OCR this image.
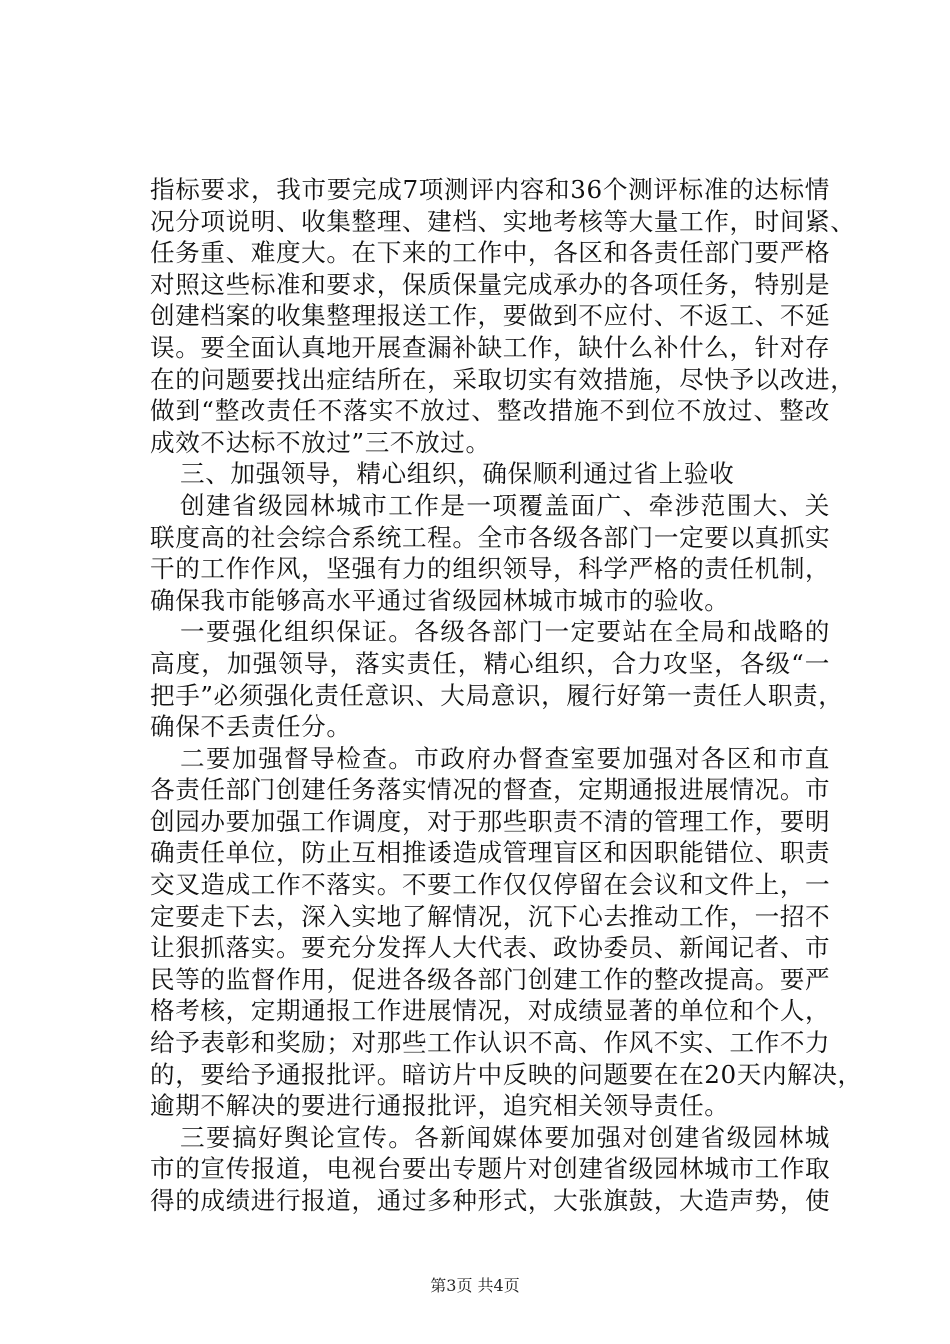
指标要求，我市要完成7项测评内容和36个测评标准的达标情
况分项说明、收集整理、建档、实地考核等大量工作，时间紧、
任务重、难度大。在下来的工作中，各区和各责任部门要严格
对照这些标准和要求，保质保量完成承办的各项任务，特别是
创建档案的收集整理报送工作，要做到不应付、不返工、不延
误。要全面认真地开展查漏补缺工作，缺什么补什么，针对存
在的问题要找出症结所在，采取切实有效措施，尽快予以改进，
做到“整改责任不落实不放过、整改措施不到位不放过、整改
成效不达标不放过”三不放过。
三、加强领导，精心组织，确保顺利通过省上验收
创建省级园林城市工作是一项覆盖面广、牵涉范围大、关
联度高的社会综合系统工程。全市各级各部门一定要以真抓实
干的工作作风，坚强有力的组织领导，科学严格的责任机制，
确保我市能够高水平通过省级园林城市城市的验收。
一要强化组织保证。各级各部门一定要站在全局和战略的
高度，加强领导，落实责任，精心组织，合力攻坚，各级“一
把手”必须强化责任意识、大局意识，履行好第一责任人职责，
确保不丢责任分。
二要加强督导检查。市政府办督查室要加强对各区和市直
各责任部门创建任务落实情况的督查，定期通报进展情况。市
创园办要加强工作调度，对于那些职责不清的管理工作，要明
确责任单位，防止互相推诿造成管理盲区和因职能错位、职责
交叉造成工作不落实。不要工作仅仅停留在会议和文件上，一
定要走下去，深入实地了解情况，沉下心去推动工作，一招不
让狠抓落实。要充分发挥人大代表、政协委员、新闻记者、市
民等的监督作用，促进各级各部门创建工作的整改提高。要严
格考核，定期通报工作进展情况，对成绩显著的单位和个人，
给予表彰和奖励；对那些工作认识不高、作风不实、工作不力
的，要给予通报批评。暗访片中反映的问题要在在20天内解决，
逾期不解决的要进行通报批评，追究相关领导责任。
三要搞好舆论宣传。各新闻媒体要加强对创建省级园林城
市的宣传报道，电视台要出专题片对创建省级园林城市工作取
得的成绩进行报道，通过多种形式，大张旗鼓，大造声势，使
第3页 共4页
